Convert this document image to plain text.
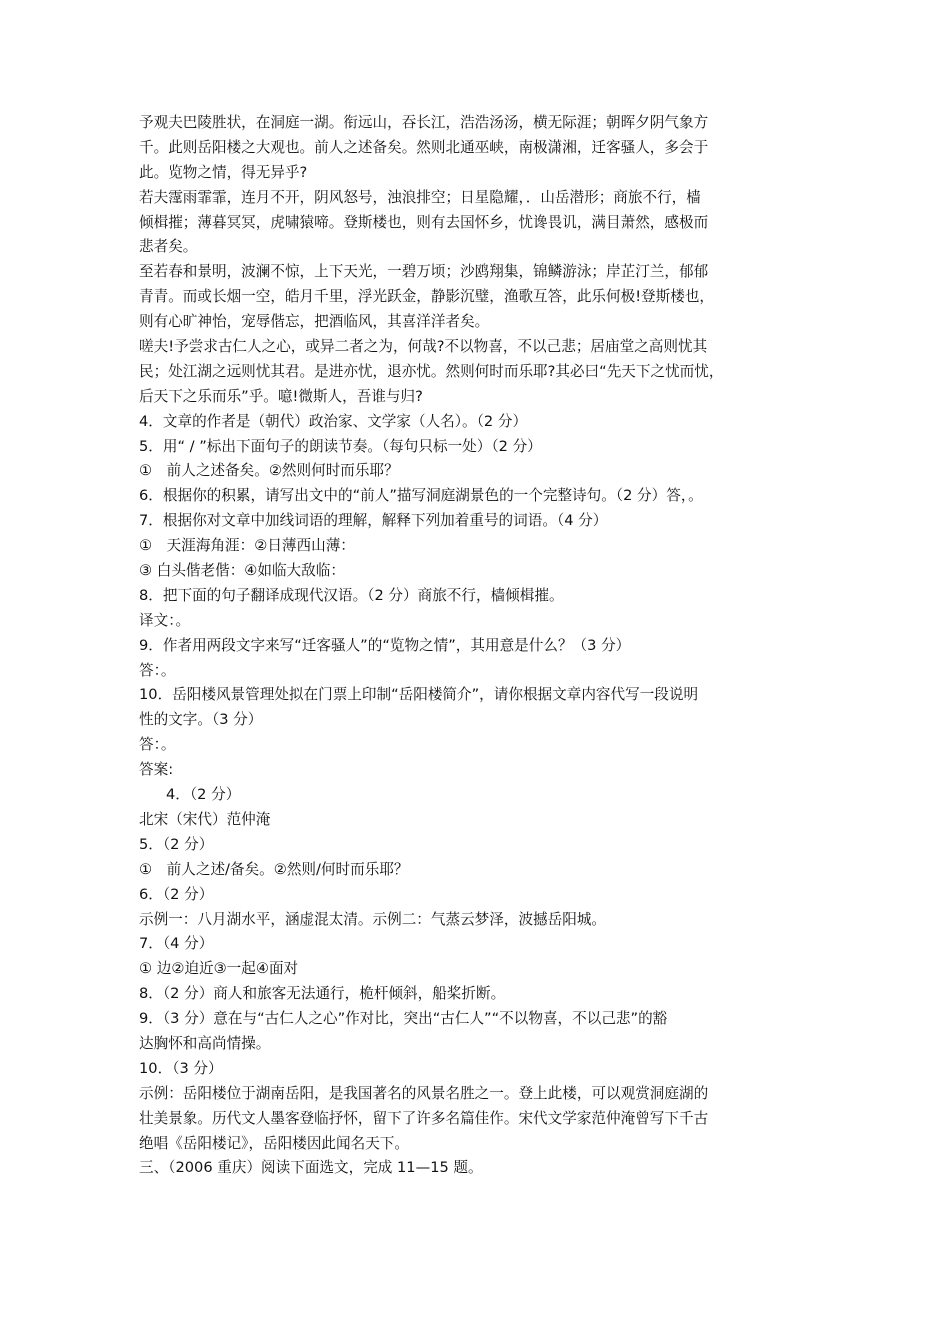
予观夫巴陵胜状，在洞庭一湖。衔远山，吞长江，浩浩汤汤，横无际涯；朝晖夕阴气象方
千。此则岳阳楼之大观也。前人之述备矣。然则北通巫峡，南极潇湘，迁客骚人，多会于
此。览物之情，得无异乎?
若夫霪雨霏霏，连月不开，阴风怒号，浊浪排空；日星隐耀，．山岳潜形；商旅不行，樯
倾楫摧；薄暮冥冥，虎啸猿啼。登斯楼也，则有去国怀乡，忧谗畏讥，满目萧然，感极而
悲者矣。
至若春和景明，波澜不惊，上下天光，一碧万顷；沙鸥翔集，锦鳞游泳；岸芷汀兰，郁郁
青青。而或长烟一空，皓月千里，浮光跃金，静影沉璧，渔歌互答，此乐何极!登斯楼也，
则有心旷神怡，宠辱偕忘，把酒临风，其喜洋洋者矣。
嗟夫!予尝求古仁人之心，或异二者之为，何哉?不以物喜，不以己悲；居庙堂之高则忧其
民；处江湖之远则忧其君。是进亦忧，退亦忧。然则何时而乐耶?其必曰“先天下之忧而忧，
后天下之乐而乐”乎。噫!微斯人，吾谁与归?
4．文章的作者是（朝代）政治家、文学家（人名）。（2 分）
5．用“ / ”标出下面句子的朗读节奏。（每句只标一处）（2 分）
①　前人之述备矣。②然则何时而乐耶？
6．根据你的积累，请写出文中的“前人”描写洞庭湖景色的一个完整诗句。（2 分）答，。
7．根据你对文章中加线词语的理解，解释下列加着重号的词语。（4 分）
①　天涯海角涯：②日薄西山薄：
③ 白头偕老偕：④如临大敌临：
8．把下面的句子翻译成现代汉语。（2 分）商旅不行，樯倾楫摧。
译文：。
9．作者用两段文字来写“迁客骚人”的“览物之情”，其用意是什么？（3 分）
答：。
10．岳阳楼风景管理处拟在门票上印制“岳阳楼简介”，请你根据文章内容代写一段说明
性的文字。（3 分）
答：。
答案:
4．（2 分）
北宋（宋代）范仲淹
5．（2 分）
①　前人之述/备矣。②然则/何时而乐耶？
6．（2 分）
示例一：八月湖水平，涵虚混太清。示例二：气蒸云梦泽，波撼岳阳城。
7．（4 分）
① 边②迫近③一起④面对
8．（2 分）商人和旅客无法通行，桅杆倾斜，船桨折断。
9．（3 分）意在与“古仁人之心”作对比，突出“古仁人”“不以物喜，不以己悲”的豁
达胸怀和高尚情操。
10．（3 分）
示例：岳阳楼位于湖南岳阳，是我国著名的风景名胜之一。登上此楼，可以观赏洞庭湖的
壮美景象。历代文人墨客登临抒怀，留下了许多名篇佳作。宋代文学家范仲淹曾写下千古
绝唱《岳阳楼记》，岳阳楼因此闻名天下。
三、（2006 重庆）阅读下面选文，完成 11—15 题。
